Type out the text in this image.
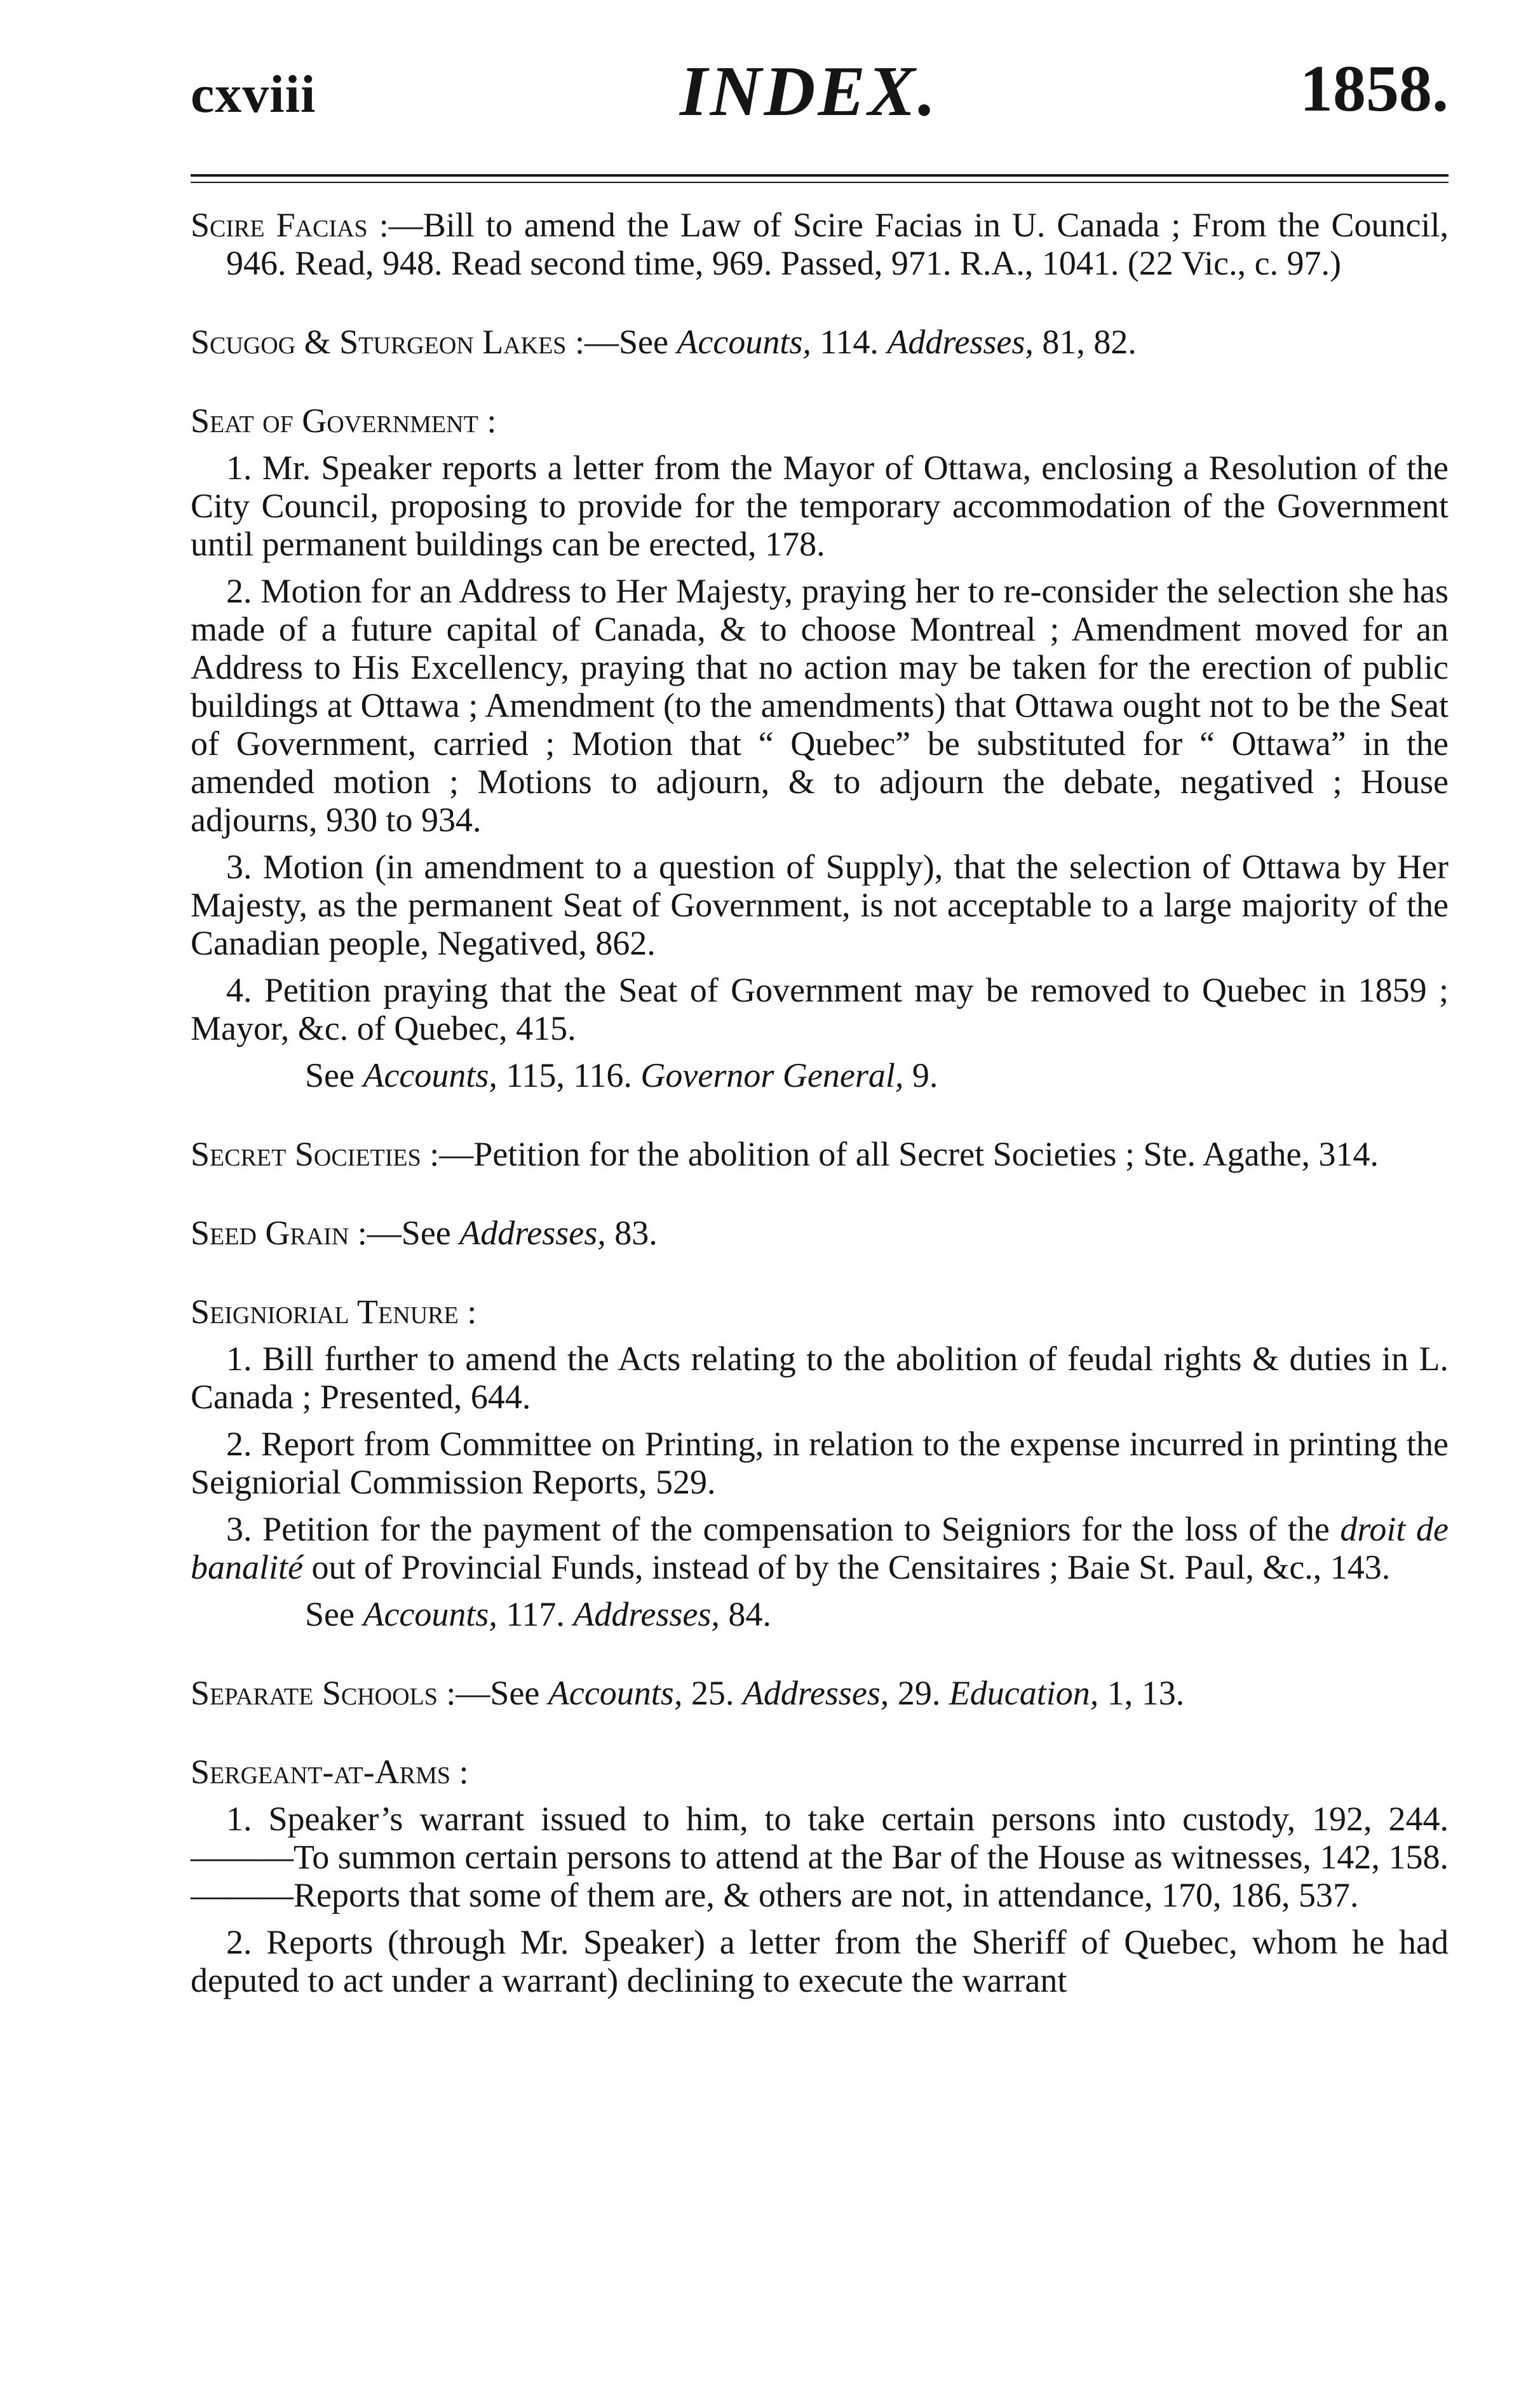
cxviii	INDEX.	1858.

Scire Facias :—Bill to amend the Law of Scire Facias in U. Canada ; From the Council, 946. Read, 948. Read second time, 969. Passed, 971. R.A., 1041. (22 Vic., c. 97.)

Scugog & Sturgeon Lakes :—See Accounts, 114. Addresses, 81, 82.

Seat of Government :

1. Mr. Speaker reports a letter from the Mayor of Ottawa, enclosing a Resolution of the City Council, proposing to provide for the temporary accommodation of the Government until permanent buildings can be erected, 178.

2. Motion for an Address to Her Majesty, praying her to re-consider the selection she has made of a future capital of Canada, & to choose Montreal ; Amendment moved for an Address to His Excellency, praying that no action may be taken for the erection of public buildings at Ottawa ; Amendment (to the amendments) that Ottawa ought not to be the Seat of Government, carried ; Motion that “ Quebec” be substituted for “ Ottawa” in the amended motion ; Motions to adjourn, & to adjourn the debate, negatived ; House adjourns, 930 to 934.

3. Motion (in amendment to a question of Supply), that the selection of Ottawa by Her Majesty, as the permanent Seat of Government, is not acceptable to a large majority of the Canadian people, Negatived, 862.

4. Petition praying that the Seat of Government may be removed to Quebec in 1859 ; Mayor, &c. of Quebec, 415.

See Accounts, 115, 116. Governor General, 9.

Secret Societies :—Petition for the abolition of all Secret Societies ; Ste. Agathe, 314.

Seed Grain :—See Addresses, 83.

Seigniorial Tenure :

1. Bill further to amend the Acts relating to the abolition of feudal rights & duties in L. Canada ; Presented, 644.

2. Report from Committee on Printing, in relation to the expense incurred in printing the Seigniorial Commission Reports, 529.

3. Petition for the payment of the compensation to Seigniors for the loss of the droit de banalité out of Provincial Funds, instead of by the Censitaires ; Baie St. Paul, &c., 143.

See Accounts, 117. Addresses, 84.

Separate Schools :—See Accounts, 25. Addresses, 29. Education, 1, 13.

Sergeant-at-Arms :

1. Speaker’s warrant issued to him, to take certain persons into custody, 192, 244.———To summon certain persons to attend at the Bar of the House as witnesses, 142, 158.———Reports that some of them are, & others are not, in attendance, 170, 186, 537.

2. Reports (through Mr. Speaker) a letter from the Sheriff of Quebec, whom he had deputed to act under a warrant) declining to execute the warrant
